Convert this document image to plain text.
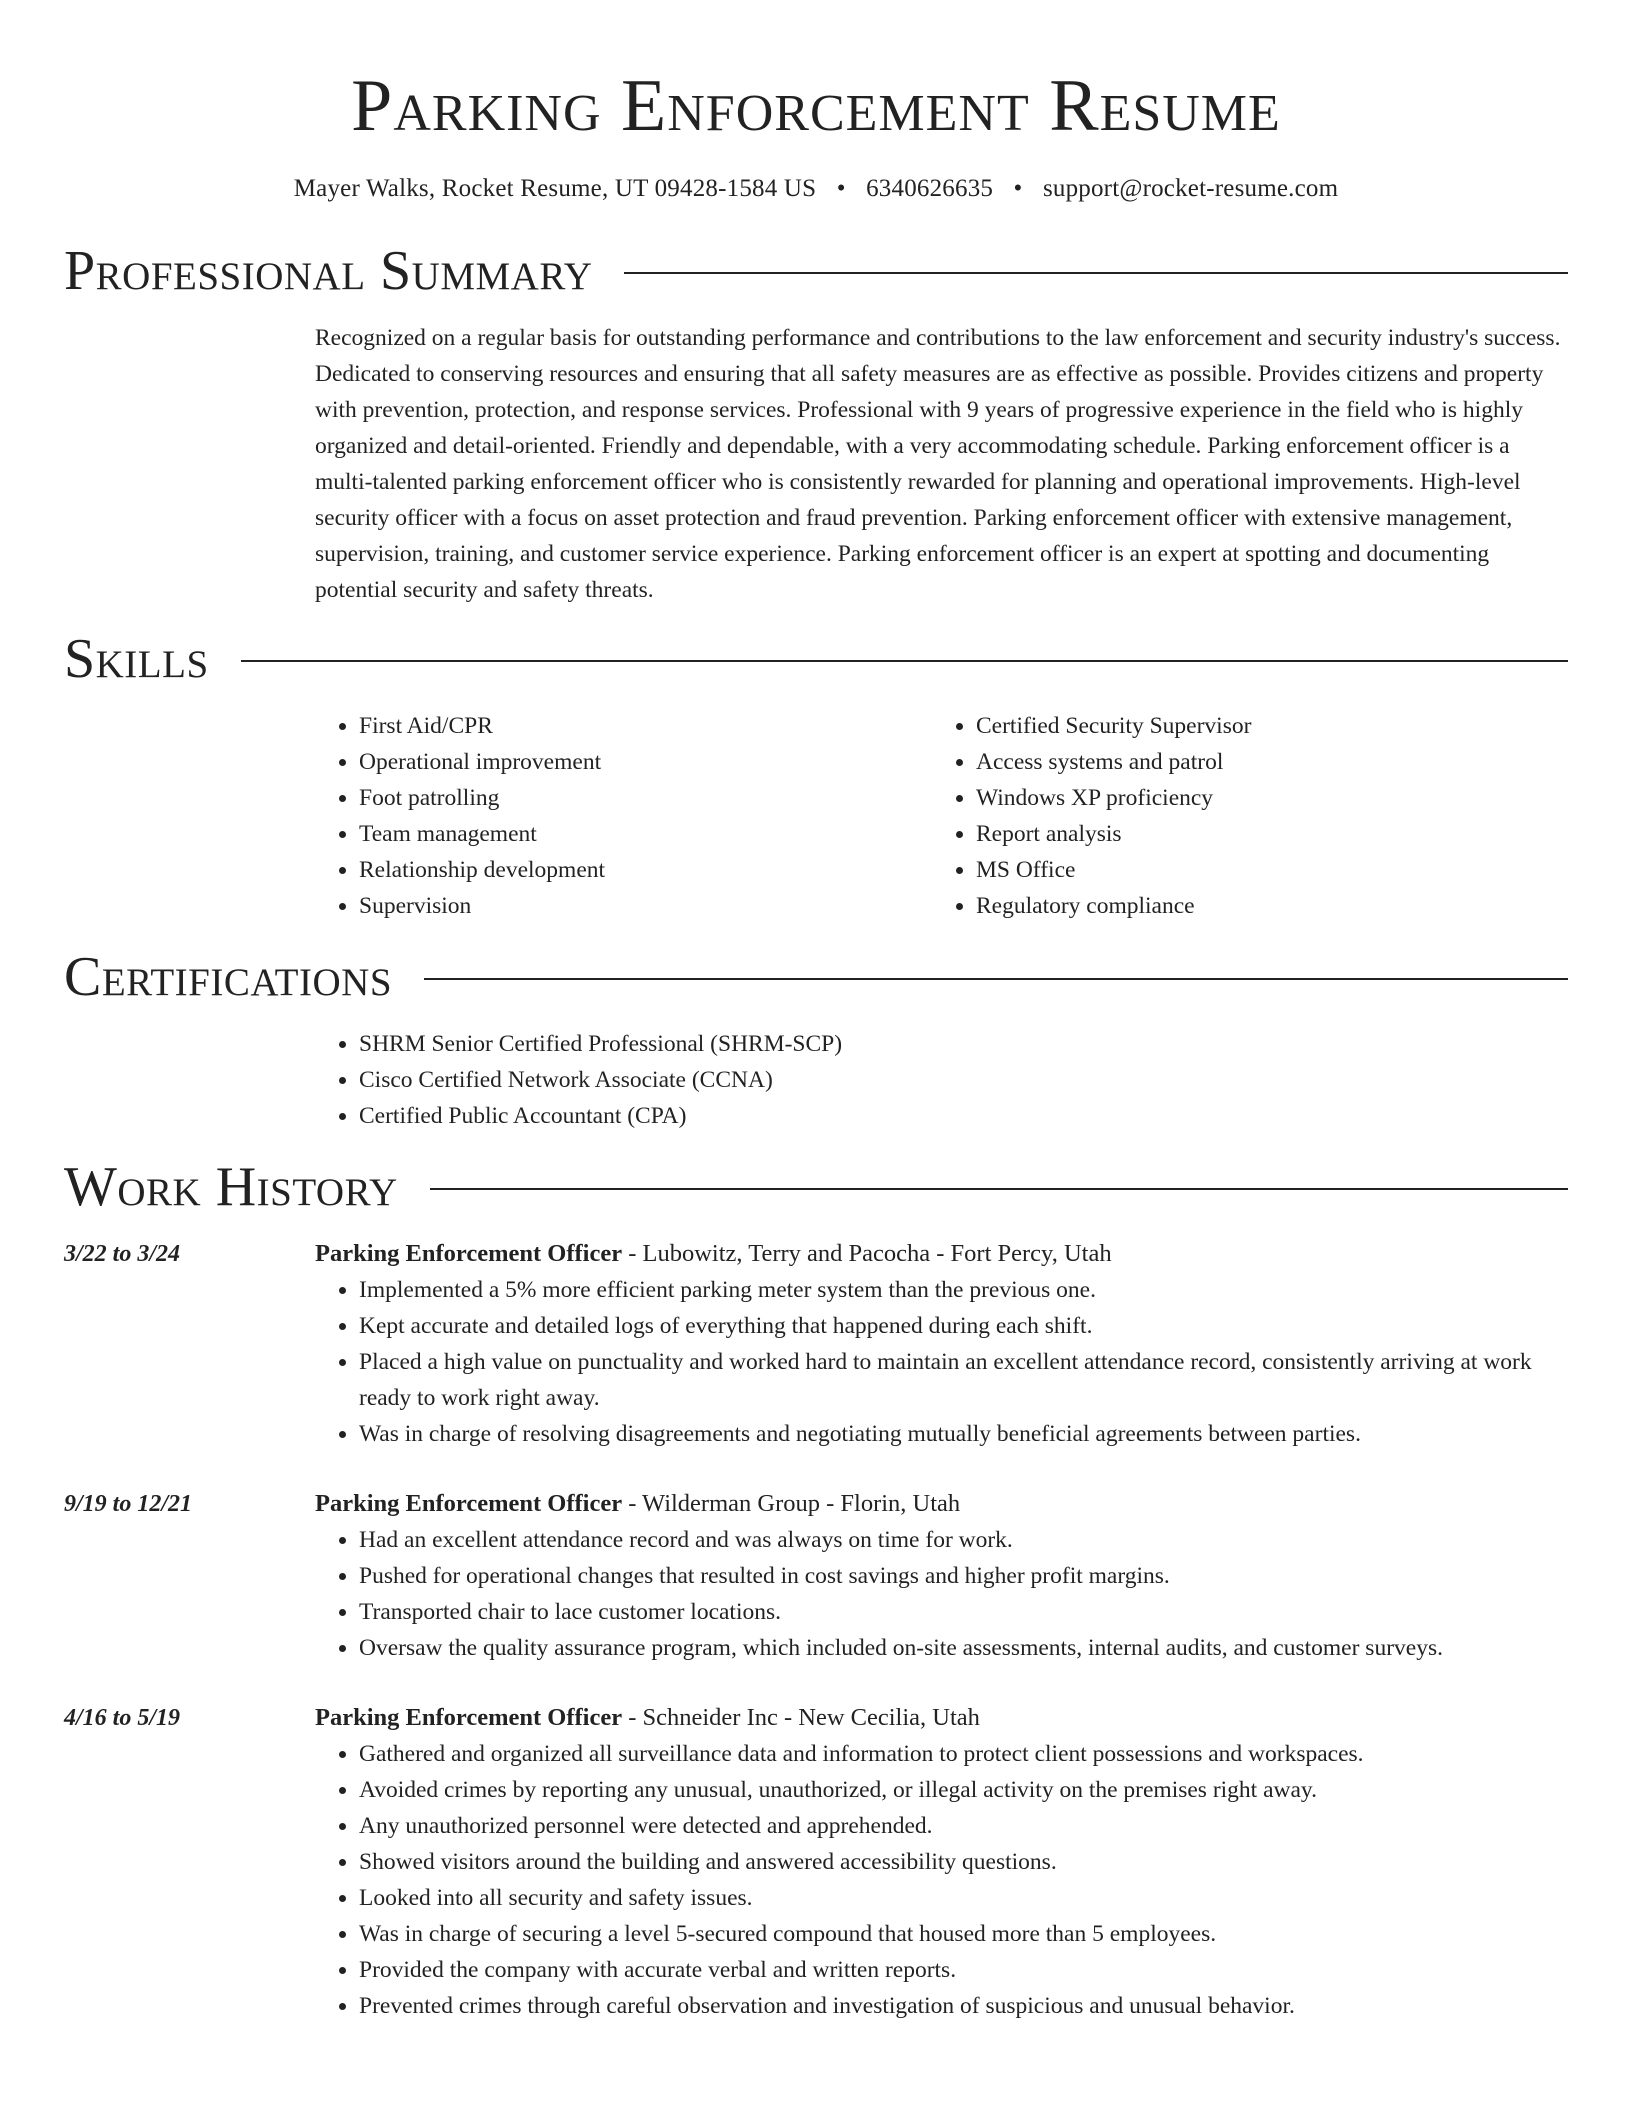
Parking Enforcement Resume
Mayer Walks, Rocket Resume, UT 09428-1584 US • 6340626635 • support@rocket-resume.com
Professional Summary

Recognized on a regular basis for outstanding performance and contributions to the law enforcement and security industry's success. Dedicated to conserving resources and ensuring that all safety measures are as effective as possible. Provides citizens and property with prevention, protection, and response services. Professional with 9 years of progressive experience in the field who is highly organized and detail-oriented. Friendly and dependable, with a very accommodating schedule. Parking enforcement officer is a multi-talented parking enforcement officer who is consistently rewarded for planning and operational improvements. High-level security officer with a focus on asset protection and fraud prevention. Parking enforcement officer with extensive management, supervision, training, and customer service experience. Parking enforcement officer is an expert at spotting and documenting potential security and safety threats.

Skills
• First Aid/CPR
• Operational improvement
• Foot patrolling
• Team management
• Relationship development
• Supervision
• Certified Security Supervisor
• Access systems and patrol
• Windows XP proficiency
• Report analysis
• MS Office
• Regulatory compliance
Certifications
• SHRM Senior Certified Professional (SHRM-SCP)
• Cisco Certified Network Associate (CCNA)
• Certified Public Accountant (CPA)
Work History
3/22 to 3/24	Parking Enforcement Officer - Lubowitz, Terry and Pacocha - Fort Percy, Utah
• Implemented a 5% more efficient parking meter system than the previous one.
• Kept accurate and detailed logs of everything that happened during each shift.
• Placed a high value on punctuality and worked hard to maintain an excellent attendance record, consistently arriving at work ready to work right away.
• Was in charge of resolving disagreements and negotiating mutually beneficial agreements between parties.
9/19 to 12/21	Parking Enforcement Officer - Wilderman Group - Florin, Utah
• Had an excellent attendance record and was always on time for work.
• Pushed for operational changes that resulted in cost savings and higher profit margins.
• Transported chair to lace customer locations.
• Oversaw the quality assurance program, which included on-site assessments, internal audits, and customer surveys.
4/16 to 5/19	Parking Enforcement Officer - Schneider Inc - New Cecilia, Utah
• Gathered and organized all surveillance data and information to protect client possessions and workspaces.
• Avoided crimes by reporting any unusual, unauthorized, or illegal activity on the premises right away.
• Any unauthorized personnel were detected and apprehended.
• Showed visitors around the building and answered accessibility questions.
• Looked into all security and safety issues.
• Was in charge of securing a level 5-secured compound that housed more than 5 employees.
• Provided the company with accurate verbal and written reports.
• Prevented crimes through careful observation and investigation of suspicious and unusual behavior.
